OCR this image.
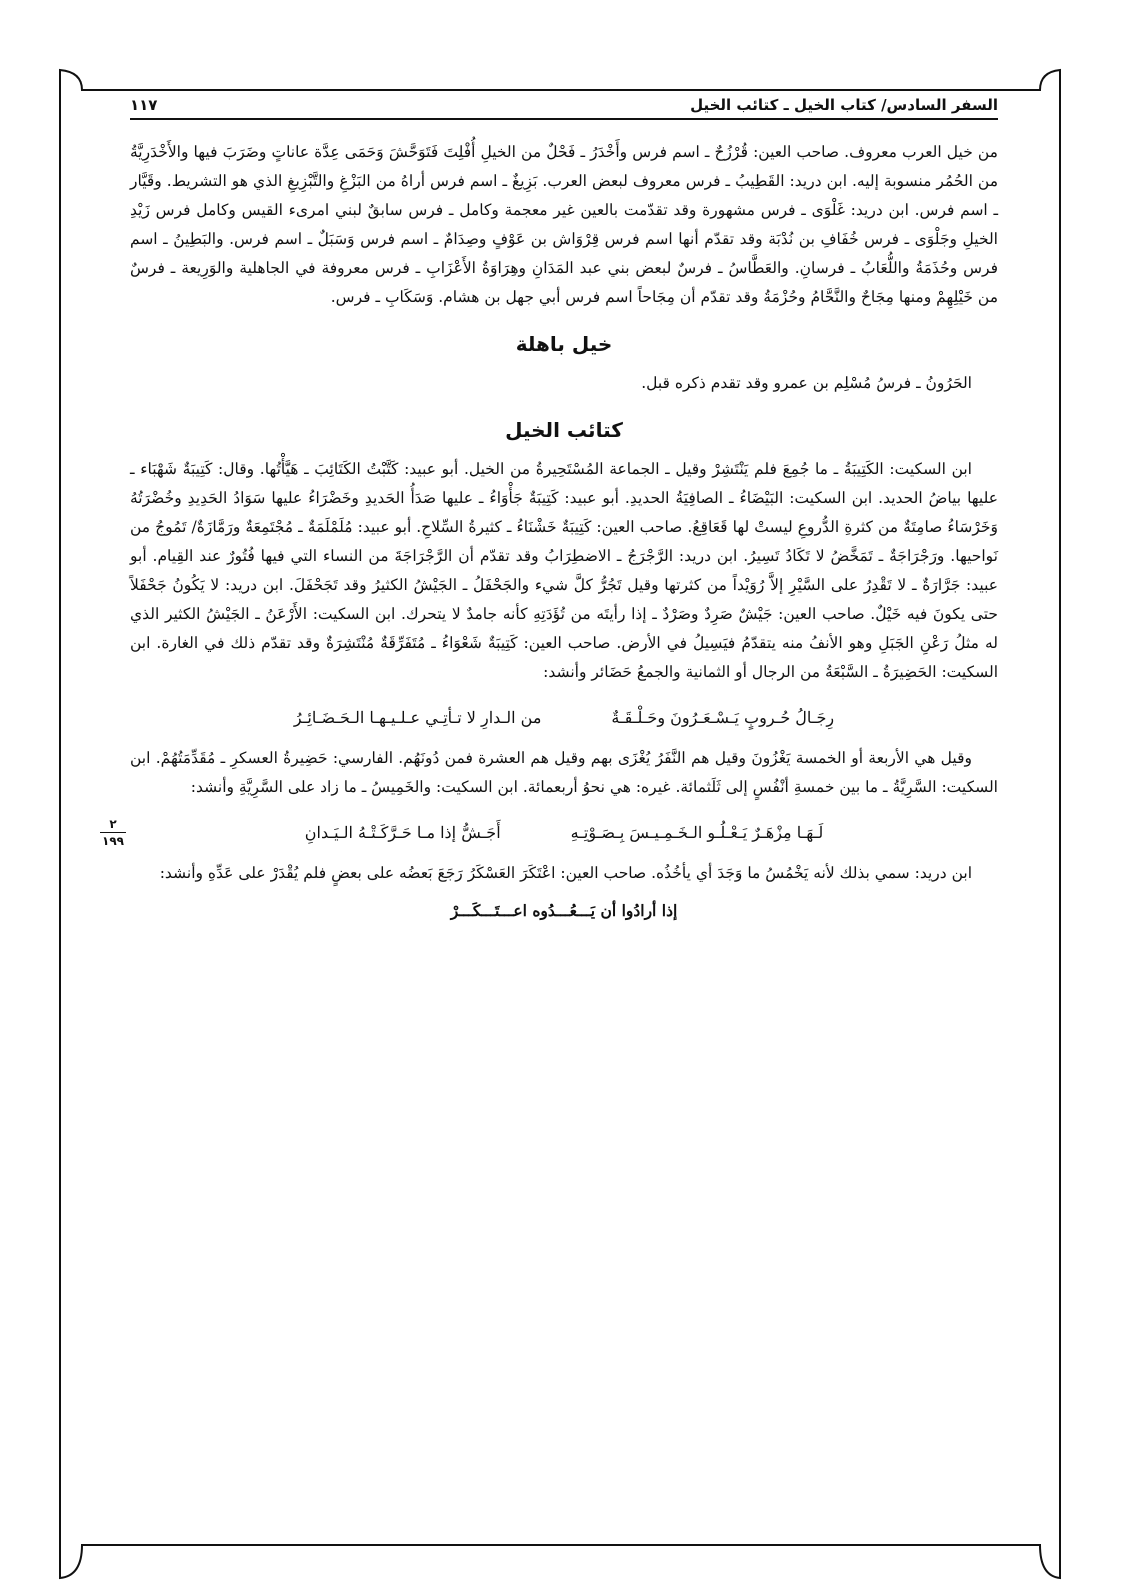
٢
١٩٩
السفر السادس/ كتاب الخيل ـ كتائب الخيل
١١٧

من خيل العرب معروف. صاحب العين: قُرْزُحٌ ـ اسم فرس وأَخْدَرُ ـ فَحْلٌ من الخيلِ أُفْلِتَ فَتَوَحَّشَ وَحَمَى عِدَّة عاناتٍ وضَرَبَ فيها والأَخْدَرِيَّةُ من الحُمُر منسوبة إليه. ابن دريد: القَطِيبُ ـ فرس معروف لبعض العرب. بَزِيغٌ ـ اسم فرس أراهُ من البَزْغِ والتَّبْزِيغِ الذي هو التشريط. وقَيَّار ـ اسم فرس. ابن دريد: غَلْوَى ـ فرس مشهورة وقد تقدّمت بالعين غير معجمة وكامل ـ فرس سابقٌ لبني امرىء القيس وكامل فرس زَيْدِ الخيلِ وجَلْوَى ـ فرس خُفَافِ بن نُدْبَة وقد تقدّم أنها اسم فرس قِرْوَاش بن عَوْفٍ وصِدَامٌ ـ اسم فرس وَسَبَلٌ ـ اسم فرس. والبَطِينُ ـ اسم فرس وحُذَمَةُ واللُّعَابُ ـ فرسانِ. والعَطَّاسُ ـ فرسٌ لبعض بني عبد المَدَانِ وهِرَاوَةُ الأَعْزَابِ ـ فرس معروفة في الجاهلية والوَرِيعة ـ فرسٌ من خَيْلِهِمْ ومنها مِجَاحٌ والنَّحَّامُ وحُزْمَةُ وقد تقدّم أن مِجَاحاً اسم فرس أبي جهل بن هشام. وَسَكَابِ ـ فرس.

خيل باهلة

الحَرُونُ ـ فرسُ مُسْلِم بن عمرو وقد تقدم ذكره قبل.

كتائب الخيل

ابن السكيت: الكَتِيبَةُ ـ ما جُمِعَ فلم يَنْتَشِرْ وقيل ـ الجماعة المُسْتَحِيرةُ من الخيل. أبو عبيد: كَتَّبْتُ الكَتَائِبَ ـ هَيَّأْتُها. وقال: كَتِيبَةٌ شَهْبَاء ـ عليها بياضُ الحديد. ابن السكيت: البَيْضَاءُ ـ الصافِيَةُ الحديدِ. أبو عبيد: كَتِيبَةٌ جَأْوَاءُ ـ عليها صَدَأُ الحَديدِ وخَضْرَاءُ عليها سَوَادُ الحَدِيدِ وخُضْرَتُهُ وَخَرْسَاءُ صامِتَةٌ من كثرةِ الدُّروعِ ليستْ لها قَعَاقِعُ. صاحب العين: كَتِيبَةٌ خَشْنَاءُ ـ كثيرةُ السِّلاحِ. أبو عبيد: مُلَمْلَمَةٌ ـ مُجْتَمِعَةٌ ورَمَّازَةٌ/ تَمُوجُ من نَواحيها. ورَجْرَاجَةٌ ـ تَمَخَّضُ لا تَكَادُ تَسِيرُ. ابن دريد: الرَّجْرَجُ ـ الاضطِرَابُ وقد تقدّم أن الرَّجْرَاجَةَ من النساء التي فيها فُتُورٌ عند القِيام. أبو عبيد: جَرَّارَةٌ ـ لا تَقْدِرُ على السَّيْرِ إلاَّ رُوَيْداً من كثرتها وقيل تَجُرُّ كلَّ شيء والجَحْفَلُ ـ الجَيْشُ الكثيرُ وقد تَجَحْفَلَ. ابن دريد: لا يَكُونُ جَحْفَلاً حتى يكونَ فيه خَيْلٌ. صاحب العين: جَيْشٌ صَرِدٌ وصَرْدٌ ـ إذا رأيتَه من تُؤَدَتِهِ كأنه جامدٌ لا يتحرك. ابن السكيت: الأَرْعَنُ ـ الجَيْشُ الكثير الذي له مثلُ رَعْنِ الجَبَلِ وهو الأنفُ منه يتقدّمُ فيَسِيلُ في الأرض. صاحب العين: كَتِيبَةٌ شَعْوَاءُ ـ مُتَفَرِّقَةٌ مُنْتَشِرَةٌ وقد تقدّم ذلك في الغارة. ابن السكيت: الحَضِيرَةُ ـ السَّبْعَةُ من الرجال أو الثمانية والجمعُ حَضَائر وأنشد:

رِجَـالُ حُـروبٍ يَـسْـعَـرُونَ وحَـلْـقَـةٌ
من الـدارِ لا تـأتِـي عـلـيـهـا الـحَـضَـائِـرُ

وقيل هي الأربعة أو الخمسة يَغْزُونَ وقيل هم النَّفَرُ يُغْزَى بهم وقيل هم العشرة فمن دُونَهُم. الفارسي: حَضِيرةُ العسكرِ ـ مُقَدِّمَتُهُمْ. ابن السكيت: السَّرِيَّةُ ـ ما بين خمسةِ أنْفُسٍ إلى ثَلَثمائة. غيره: هي نحوُ أربعمائة. ابن السكيت: والخَمِيسُ ـ ما زاد على السَّرِيَّةِ وأنشد:

لَـهَـا مِزْهَـرٌ يَـعْـلُـو الـخَـمِـيـسَ بِـصَـوْتِـهِ
أَجَـشُّ إذا مـا حَـرَّكَـتْـهُ الـيَـدانِ

ابن دريد: سمي بذلك لأنه يَخْمُسُ ما وَجَدَ أي يأخُذُه. صاحب العين: اعْتَكَرَ العَسْكَرُ رَجَعَ بَعضُه على بعضٍ فلم يُقْدَرْ على عَدِّهِ وأنشد:

إذا أرادُوا أن يَـــعُـــدُوه اعـــتَـــكَـــرْ
